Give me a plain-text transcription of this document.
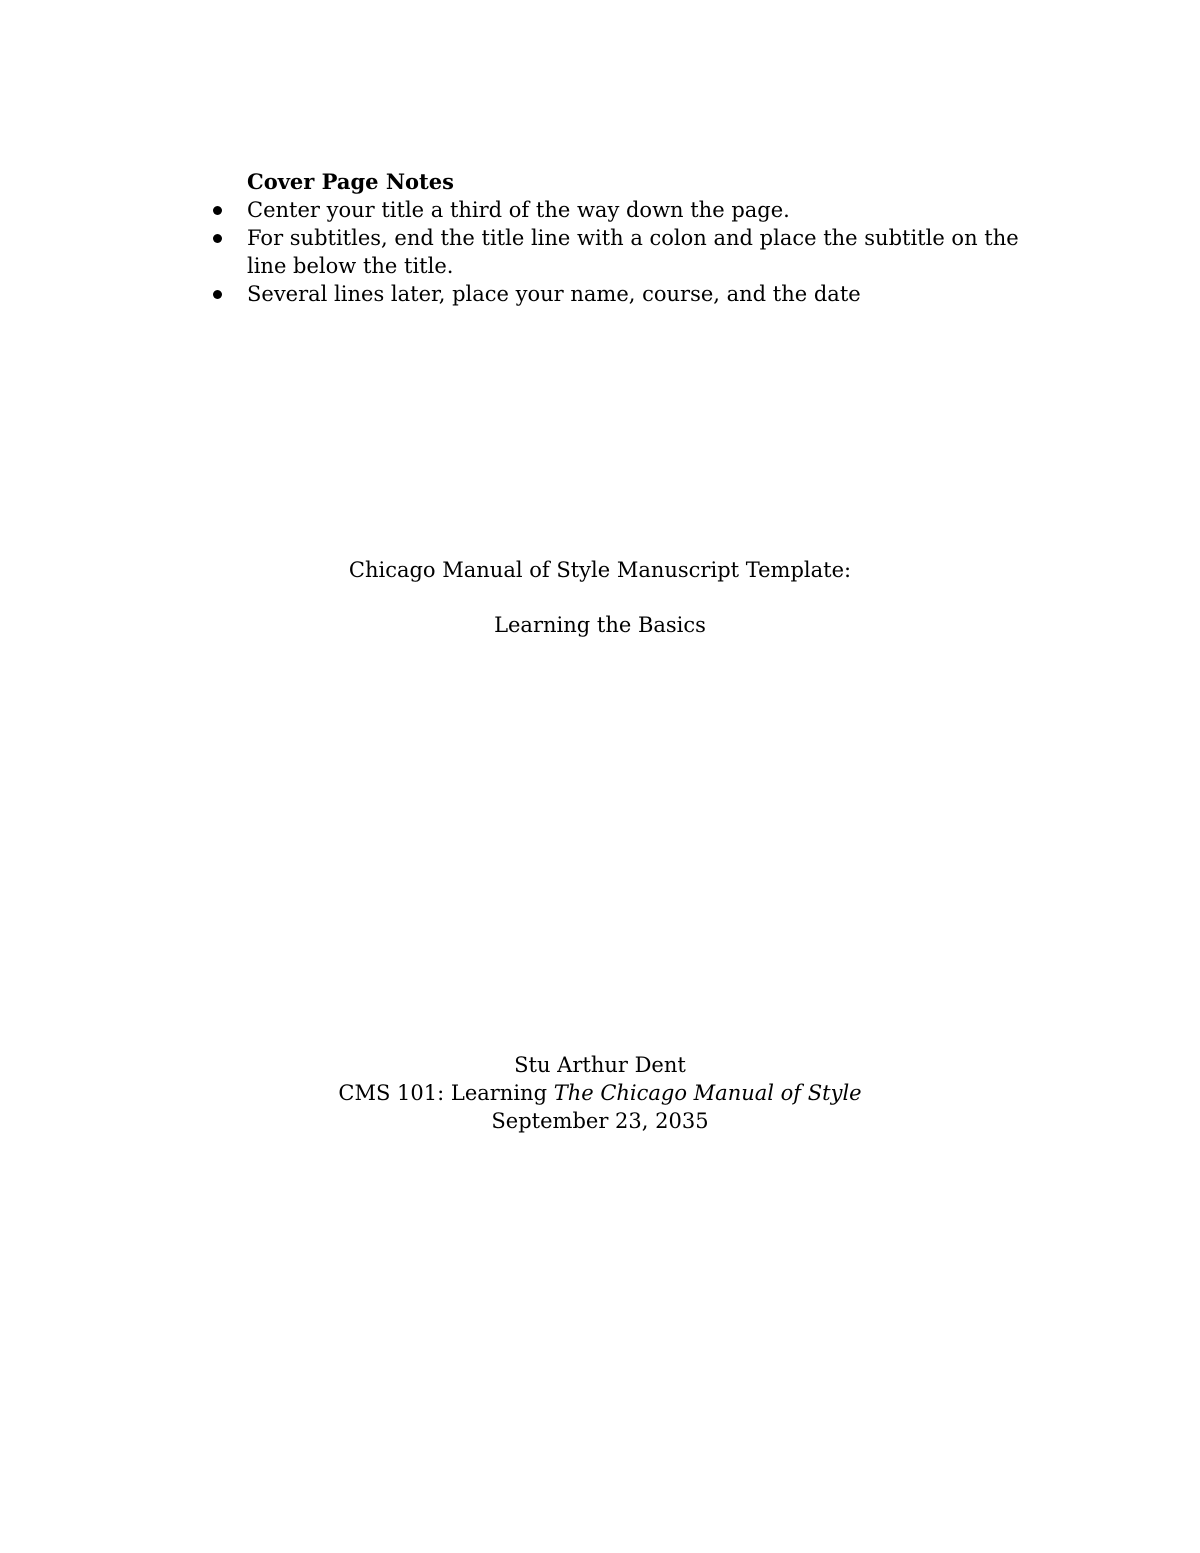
Cover Page Notes
Center your title a third of the way down the page.
For subtitles, end the title line with a colon and place the subtitle on the line below the title.
Several lines later, place your name, course, and the date
Chicago Manual of Style Manuscript Template:
Learning the Basics
Stu Arthur Dent
CMS 101: Learning The Chicago Manual of Style
September 23, 2035
